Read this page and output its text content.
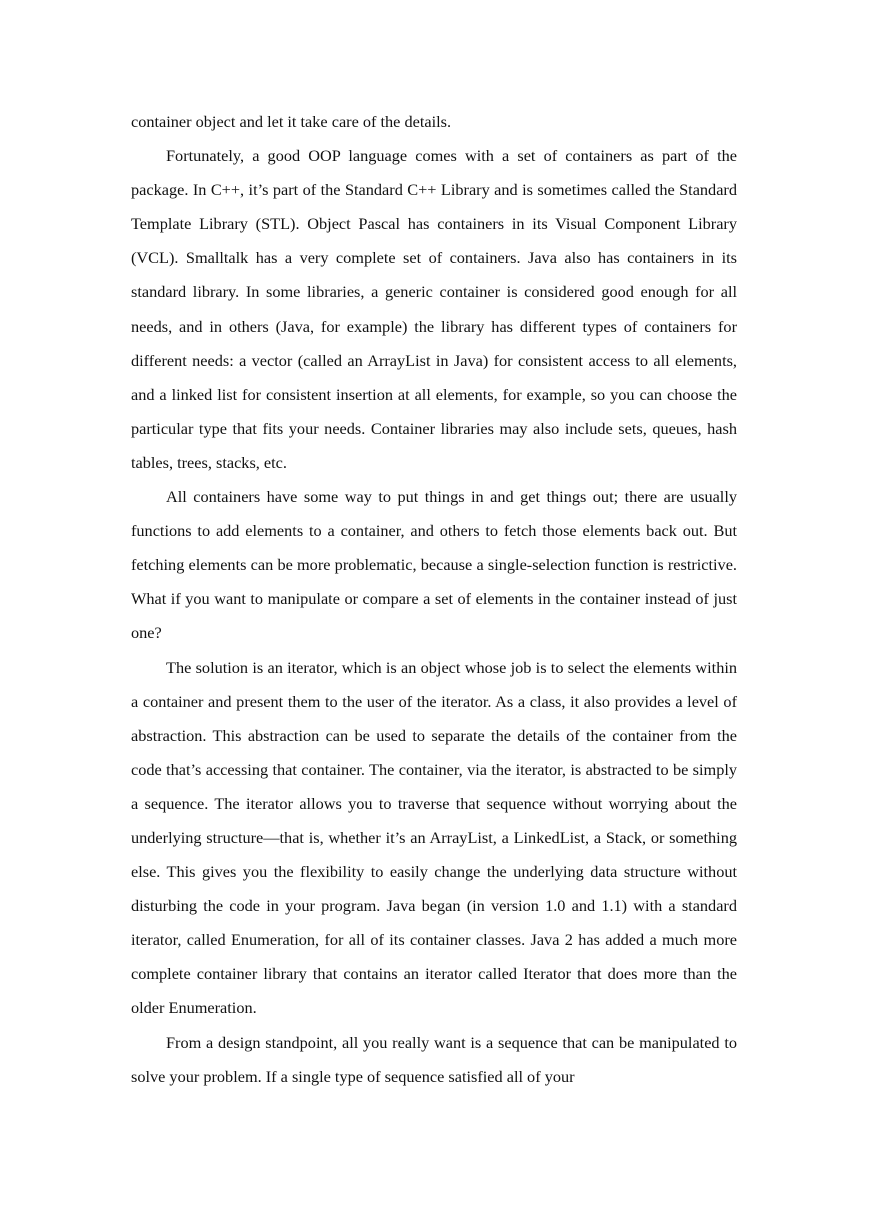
container object and let it take care of the details.

Fortunately, a good OOP language comes with a set of containers as part of the package. In C++, it’s part of the Standard C++ Library and is sometimes called the Standard Template Library (STL). Object Pascal has containers in its Visual Component Library (VCL). Smalltalk has a very complete set of containers. Java also has containers in its standard library. In some libraries, a generic container is considered good enough for all needs, and in others (Java, for example) the library has different types of containers for different needs: a vector (called an ArrayList in Java) for consistent access to all elements, and a linked list for consistent insertion at all elements, for example, so you can choose the particular type that fits your needs. Container libraries may also include sets, queues, hash tables, trees, stacks, etc.

All containers have some way to put things in and get things out; there are usually functions to add elements to a container, and others to fetch those elements back out. But fetching elements can be more problematic, because a single-selection function is restrictive. What if you want to manipulate or compare a set of elements in the container instead of just one?

The solution is an iterator, which is an object whose job is to select the elements within a container and present them to the user of the iterator. As a class, it also provides a level of abstraction. This abstraction can be used to separate the details of the container from the code that’s accessing that container. The container, via the iterator, is abstracted to be simply a sequence. The iterator allows you to traverse that sequence without worrying about the underlying structure—that is, whether it’s an ArrayList, a LinkedList, a Stack, or something else. This gives you the flexibility to easily change the underlying data structure without disturbing the code in your program. Java began (in version 1.0 and 1.1) with a standard iterator, called Enumeration, for all of its container classes. Java 2 has added a much more complete container library that contains an iterator called Iterator that does more than the older Enumeration.

From a design standpoint, all you really want is a sequence that can be manipulated to solve your problem. If a single type of sequence satisfied all of your
